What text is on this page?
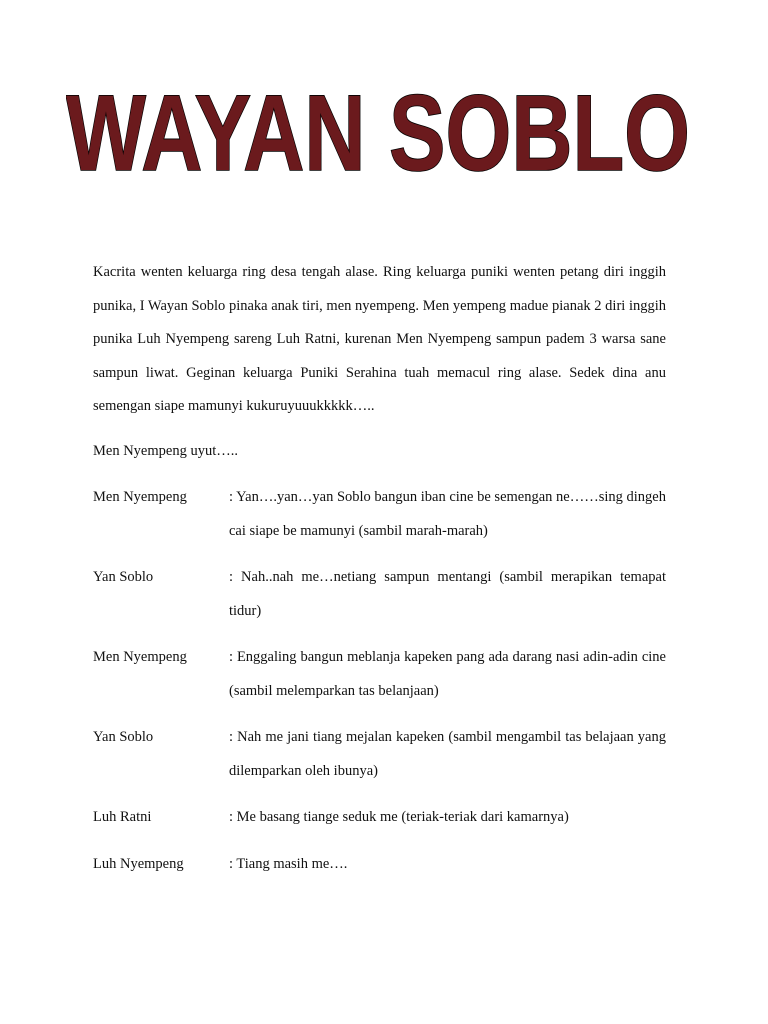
WAYAN SOBLO

Kacrita wenten keluarga ring desa tengah alase. Ring keluarga puniki wenten petang diri inggih punika, I Wayan Soblo pinaka anak tiri, men nyempeng. Men yempeng madue pianak 2 diri inggih punika Luh Nyempeng sareng Luh Ratni, kurenan Men Nyempeng sampun padem 3 warsa sane sampun liwat. Geginan keluarga Puniki Serahina tuah memacul ring alase. Sedek dina anu semengan siape mamunyi kukuruyuuukkkkk…..

Men Nyempeng uyut…..

Men Nyempeng	: Yan….yan…yan Soblo bangun iban cine be semengan ne……sing dingeh cai siape be mamunyi (sambil marah-marah)
Yan Soblo	: Nah..nah me…netiang sampun mentangi (sambil merapikan temapat tidur)
Men Nyempeng	: Enggaling bangun meblanja kapeken pang ada darang nasi adin-adin cine (sambil melemparkan tas belanjaan)
Yan Soblo	: Nah me jani tiang mejalan kapeken (sambil mengambil tas belajaan yang dilemparkan oleh ibunya)
Luh Ratni	: Me basang tiange seduk me (teriak-teriak dari kamarnya)
Luh Nyempeng	: Tiang masih me….
